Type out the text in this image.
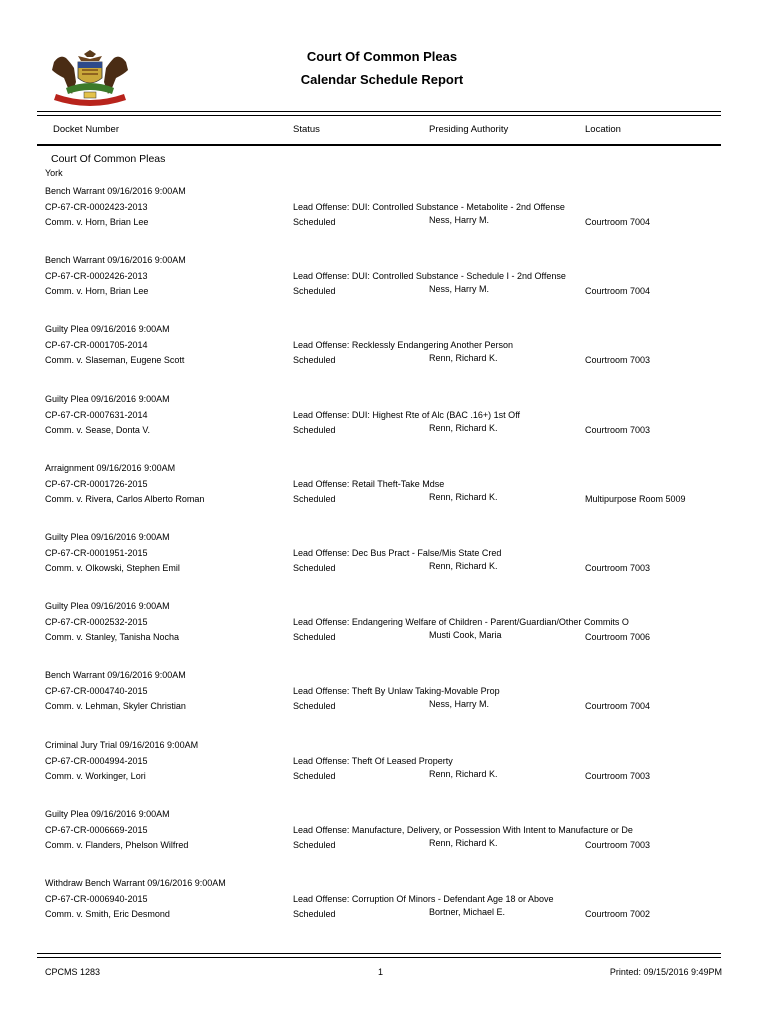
Court Of Common Pleas
Calendar Schedule Report
Docket Number	Status	Presiding Authority	Location
Court Of Common Pleas
York
Bench Warrant 09/16/2016 9:00AM
CP-67-CR-0002423-2013
Comm. v. Horn, Brian Lee
Lead Offense: DUI: Controlled Substance - Metabolite - 2nd Offense
Scheduled	Ness, Harry M.	Courtroom 7004
Bench Warrant 09/16/2016 9:00AM
CP-67-CR-0002426-2013
Comm. v. Horn, Brian Lee
Lead Offense: DUI: Controlled Substance - Schedule I - 2nd Offense
Scheduled	Ness, Harry M.	Courtroom 7004
Guilty Plea 09/16/2016 9:00AM
CP-67-CR-0001705-2014
Comm. v. Slaseman, Eugene Scott
Lead Offense: Recklessly Endangering Another Person
Scheduled	Renn, Richard K.	Courtroom 7003
Guilty Plea 09/16/2016 9:00AM
CP-67-CR-0007631-2014
Comm. v. Sease, Donta V.
Lead Offense: DUI: Highest Rte of Alc (BAC .16+) 1st Off
Scheduled	Renn, Richard K.	Courtroom 7003
Arraignment 09/16/2016 9:00AM
CP-67-CR-0001726-2015
Comm. v. Rivera, Carlos Alberto Roman
Lead Offense: Retail Theft-Take Mdse
Scheduled	Renn, Richard K.	Multipurpose Room 5009
Guilty Plea 09/16/2016 9:00AM
CP-67-CR-0001951-2015
Comm. v. Olkowski, Stephen Emil
Lead Offense: Dec Bus Pract - False/Mis State Cred
Scheduled	Renn, Richard K.	Courtroom 7003
Guilty Plea 09/16/2016 9:00AM
CP-67-CR-0002532-2015
Comm. v. Stanley, Tanisha Nocha
Lead Offense: Endangering Welfare of Children - Parent/Guardian/Other Commits O
Scheduled	Musti Cook, Maria	Courtroom 7006
Bench Warrant 09/16/2016 9:00AM
CP-67-CR-0004740-2015
Comm. v. Lehman, Skyler Christian
Lead Offense: Theft By Unlaw Taking-Movable Prop
Scheduled	Ness, Harry M.	Courtroom 7004
Criminal Jury Trial 09/16/2016 9:00AM
CP-67-CR-0004994-2015
Comm. v. Workinger, Lori
Lead Offense: Theft Of Leased Property
Scheduled	Renn, Richard K.	Courtroom 7003
Guilty Plea 09/16/2016 9:00AM
CP-67-CR-0006669-2015
Comm. v. Flanders, Phelson Wilfred
Lead Offense: Manufacture, Delivery, or Possession With Intent to Manufacture or De
Scheduled	Renn, Richard K.	Courtroom 7003
Withdraw Bench Warrant 09/16/2016 9:00AM
CP-67-CR-0006940-2015
Comm. v. Smith, Eric Desmond
Lead Offense: Corruption Of Minors - Defendant Age 18 or Above
Scheduled	Bortner, Michael E.	Courtroom 7002
CPCMS 1283	1	Printed: 09/15/2016 9:49PM
